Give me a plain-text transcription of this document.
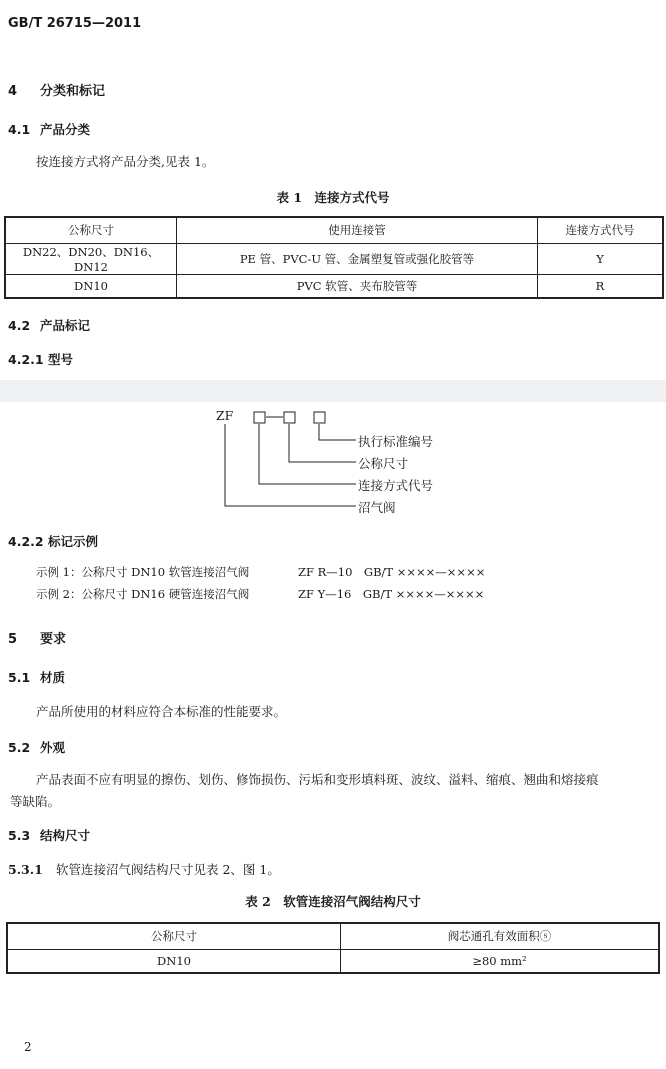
GB/T 26715—2011
4 分类和标记
4.1 产品分类
按连接方式将产品分类,见表 1。
表 1　连接方式代号
公称尺寸	使用连接管	连接方式代号
DN22、DN20、DN16、DN12	PE 管、PVC-U 管、金属塑复管或强化胶管等	Y
DN10	PVC 软管、夹布胶管等	R
4.2 产品标记
4.2.1 型号
ZF
执行标准编号
公称尺寸
连接方式代号
沼气阀
4.2.2 标记示例
示例 1：公称尺寸 DN10 软管连接沼气阀	ZF R—10　GB/T ××××—××××
示例 2：公称尺寸 DN16 硬管连接沼气阀	ZF Y—16　GB/T ××××—××××
5 要求
5.1 材质
产品所使用的材料应符合本标准的性能要求。
5.2 外观
产品表面不应有明显的擦伤、划伤、修饰损伤、污垢和变形填料斑、波纹、溢料、缩痕、翘曲和熔接痕
等缺陷。
5.3 结构尺寸
5.3.1 软管连接沼气阀结构尺寸见表 2、图 1。
表 2　软管连接沼气阀结构尺寸
公称尺寸	阀芯通孔有效面积ⓢ
DN10	≥80 mm²
2
